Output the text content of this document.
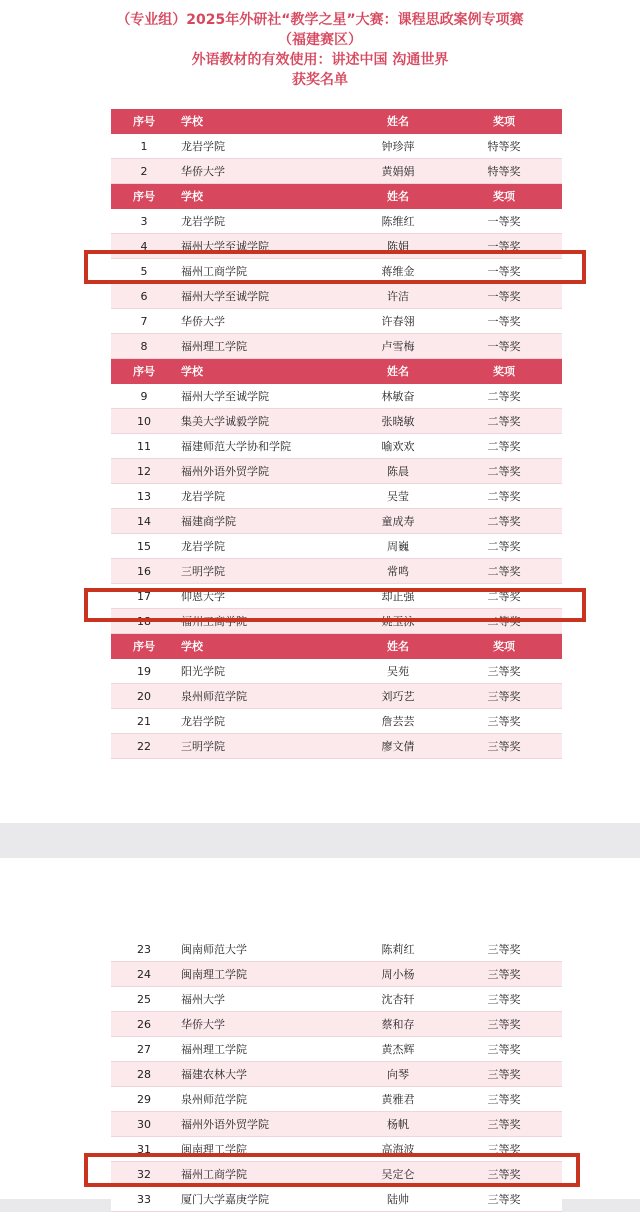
（专业组）2025年外研社“教学之星”大赛：课程思政案例专项赛
（福建赛区）
外语教材的有效使用：讲述中国 沟通世界
获奖名单
序号	学校	姓名	奖项
1	龙岩学院	钟珍萍	特等奖
2	华侨大学	黄娟娟	特等奖
序号	学校	姓名	奖项
3	龙岩学院	陈维红	一等奖
4	福州大学至诚学院	陈娟	一等奖
5	福州工商学院	蒋维金	一等奖
6	福州大学至诚学院	许洁	一等奖
7	华侨大学	许春翎	一等奖
8	福州理工学院	卢雪梅	一等奖
序号	学校	姓名	奖项
9	福州大学至诚学院	林敏奋	二等奖
10	集美大学诚毅学院	张晓敏	二等奖
11	福建师范大学协和学院	喻欢欢	二等奖
12	福州外语外贸学院	陈晨	二等奖
13	龙岩学院	吴莹	二等奖
14	福建商学院	童成寿	二等奖
15	龙岩学院	周巍	二等奖
16	三明学院	常鸣	二等奖
17	仰恩大学	却正强	二等奖
18	福州工商学院	姚玉泳	二等奖
序号	学校	姓名	奖项
19	阳光学院	吴苑	三等奖
20	泉州师范学院	刘巧艺	三等奖
21	龙岩学院	詹芸芸	三等奖
22	三明学院	廖文倩	三等奖
23	闽南师范大学	陈莉红	三等奖
24	闽南理工学院	周小杨	三等奖
25	福州大学	沈杏轩	三等奖
26	华侨大学	蔡和存	三等奖
27	福州理工学院	黄杰辉	三等奖
28	福建农林大学	向琴	三等奖
29	泉州师范学院	黄雅君	三等奖
30	福州外语外贸学院	杨帆	三等奖
31	闽南理工学院	高海波	三等奖
32	福州工商学院	吴定仑	三等奖
33	厦门大学嘉庚学院	陆帅	三等奖
